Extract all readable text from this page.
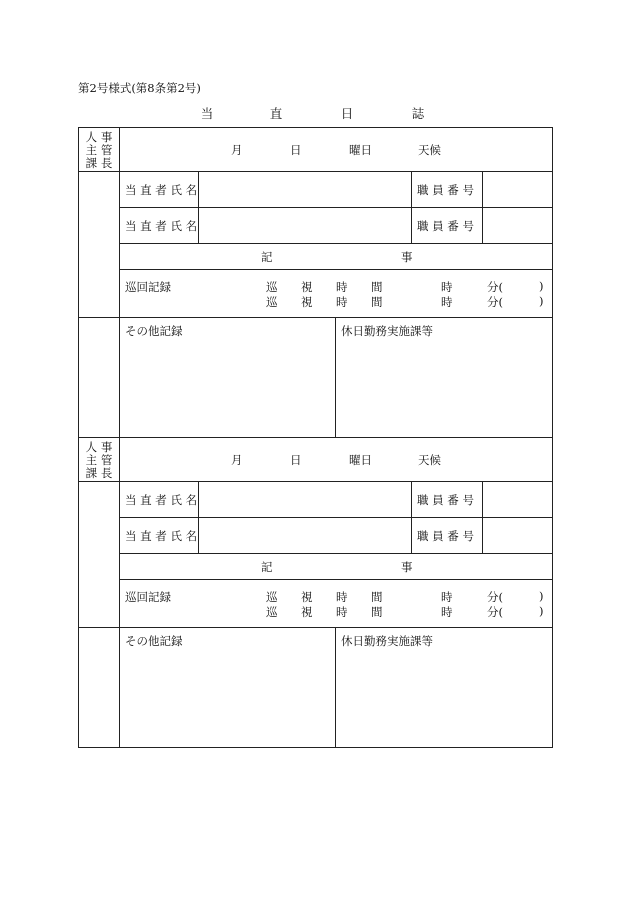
第2号様式(第8条第2号)
当	直	日	誌
人 事
主 管
課 長
月	日	曜日	天候
当 直 者 氏 名	職 員 番 号
当 直 者 氏 名	職 員 番 号
記	事
巡回記録	巡 視 時 間	時	分(	)
巡 視 時 間	時	分(	)
その他記録	休日勤務実施課等
人 事
主 管
課 長
月	日	曜日	天候
当 直 者 氏 名	職 員 番 号
当 直 者 氏 名	職 員 番 号
記	事
巡回記録	巡 視 時 間	時	分(	)
巡 視 時 間	時	分(	)
その他記録	休日勤務実施課等
